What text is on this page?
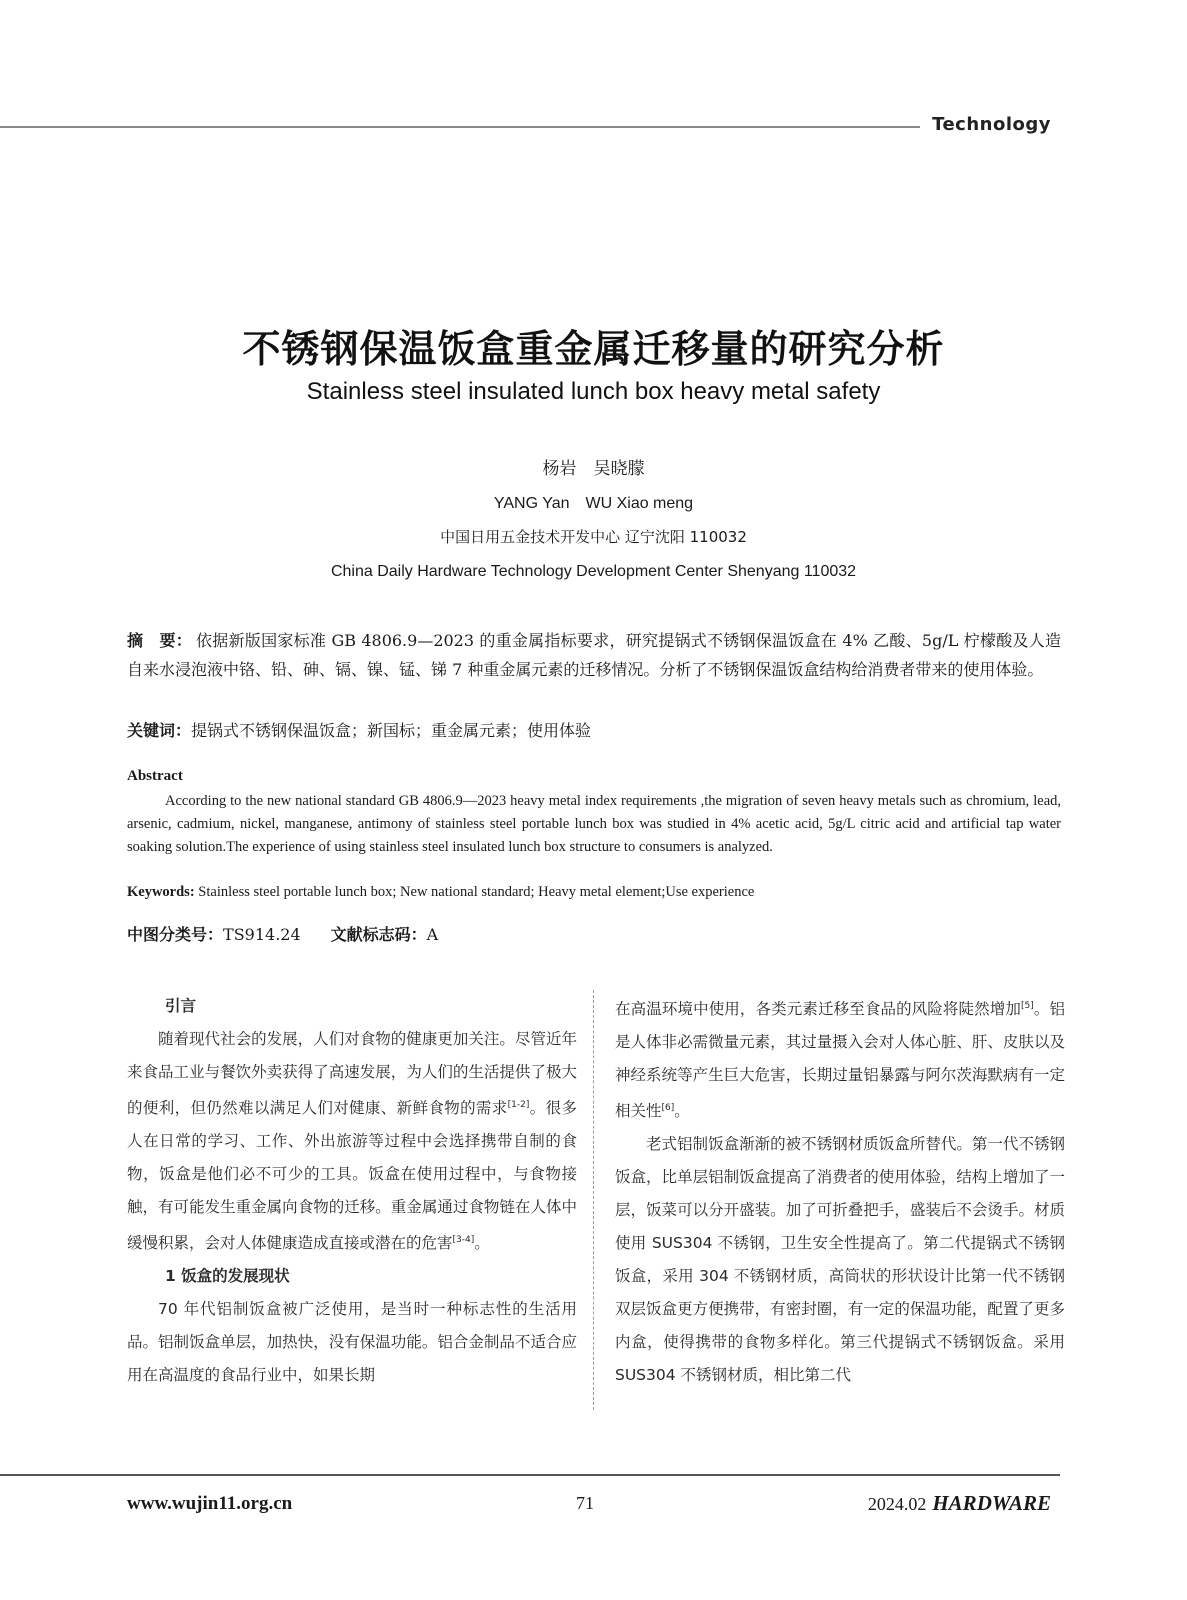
Technology
不锈钢保温饭盒重金属迁移量的研究分析
Stainless steel insulated lunch box heavy metal safety
杨岩　吴晓朦
YANG Yan　WU Xiao meng
中国日用五金技术开发中心 辽宁沈阳 110032
China Daily Hardware Technology Development Center Shenyang 110032
摘　要： 依据新版国家标准 GB 4806.9—2023 的重金属指标要求，研究提锅式不锈钢保温饭盒在 4% 乙酸、5g/L 柠檬酸及人造自来水浸泡液中铬、铅、砷、镉、镍、锰、锑 7 种重金属元素的迁移情况。分析了不锈钢保温饭盒结构给消费者带来的使用体验。
关键词：提锅式不锈钢保温饭盒；新国标；重金属元素；使用体验
Abstract
According to the new national standard GB 4806.9—2023 heavy metal index requirements ,the migration of seven heavy metals such as chromium, lead, arsenic, cadmium, nickel, manganese, antimony of stainless steel portable lunch box was studied in 4% acetic acid, 5g/L citric acid and artificial tap water soaking solution.The experience of using stainless steel insulated lunch box structure to consumers is analyzed.
Keywords: Stainless steel portable lunch box; New national standard; Heavy metal element;Use experience
中图分类号：TS914.24 文献标志码：A
引言

随着现代社会的发展，人们对食物的健康更加关注。尽管近年来食品工业与餐饮外卖获得了高速发展，为人们的生活提供了极大的便利，但仍然难以满足人们对健康、新鲜食物的需求[1-2]。很多人在日常的学习、工作、外出旅游等过程中会选择携带自制的食物，饭盒是他们必不可少的工具。饭盒在使用过程中，与食物接触，有可能发生重金属向食物的迁移。重金属通过食物链在人体中缓慢积累，会对人体健康造成直接或潜在的危害[3-4]。

1 饭盒的发展现状

70 年代铝制饭盒被广泛使用，是当时一种标志性的生活用品。铝制饭盒单层，加热快，没有保温功能。铝合金制品不适合应用在高温度的食品行业中，如果长期

在高温环境中使用，各类元素迁移至食品的风险将陡然增加[5]。铝是人体非必需微量元素，其过量摄入会对人体心脏、肝、皮肤以及神经系统等产生巨大危害，长期过量铝暴露与阿尔茨海默病有一定相关性[6]。

老式铝制饭盒渐渐的被不锈钢材质饭盒所替代。第一代不锈钢饭盒，比单层铝制饭盒提高了消费者的使用体验，结构上增加了一层，饭菜可以分开盛装。加了可折叠把手，盛装后不会烫手。材质使用 SUS304 不锈钢，卫生安全性提高了。第二代提锅式不锈钢饭盒，采用 304 不锈钢材质，高筒状的形状设计比第一代不锈钢双层饭盒更方便携带，有密封圈，有一定的保温功能，配置了更多内盒，使得携带的食物多样化。第三代提锅式不锈钢饭盒。采用 SUS304 不锈钢材质，相比第二代

www.wujin11.org.cn	71	2024.02 HARDWARE
